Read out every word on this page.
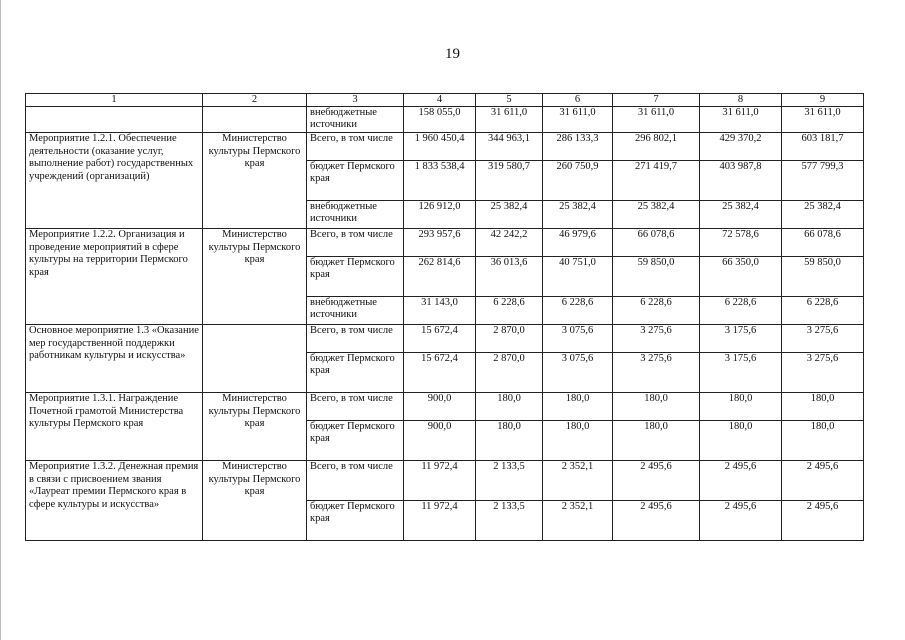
19
1	2	3	4	5	6	7	8	9
		внебюджетные источники	158 055,0	31 611,0	31 611,0	31 611,0	31 611,0	31 611,0
Мероприятие 1.2.1. Обеспечение деятельности (оказание услуг, выполнение работ) государственных учреждений (организаций)	Министерство культуры Пермского края	Всего, в том числе	1 960 450,4	344 963,1	286 133,3	296 802,1	429 370,2	603 181,7
		бюджет Пермского края	1 833 538,4	319 580,7	260 750,9	271 419,7	403 987,8	577 799,3
		внебюджетные источники	126 912,0	25 382,4	25 382,4	25 382,4	25 382,4	25 382,4
Мероприятие 1.2.2. Организация и проведение мероприятий в сфере культуры на территории Пермского края	Министерство культуры Пермского края	Всего, в том числе	293 957,6	42 242,2	46 979,6	66 078,6	72 578,6	66 078,6
		бюджет Пермского края	262 814,6	36 013,6	40 751,0	59 850,0	66 350,0	59 850,0
		внебюджетные источники	31 143,0	6 228,6	6 228,6	6 228,6	6 228,6	6 228,6
Основное мероприятие 1.3 «Оказание мер государственной поддержки работникам культуры и искусства»		Всего, в том числе	15 672,4	2 870,0	3 075,6	3 275,6	3 175,6	3 275,6
		бюджет Пермского края	15 672,4	2 870,0	3 075,6	3 275,6	3 175,6	3 275,6
Мероприятие 1.3.1. Награждение Почетной грамотой Министерства культуры Пермского края	Министерство культуры Пермского края	Всего, в том числе	900,0	180,0	180,0	180,0	180,0	180,0
		бюджет Пермского края	900,0	180,0	180,0	180,0	180,0	180,0
Мероприятие 1.3.2. Денежная премия в связи с присвоением звания «Лауреат премии Пермского края в сфере культуры и искусства»	Министерство культуры Пермского края	Всего, в том числе	11 972,4	2 133,5	2 352,1	2 495,6	2 495,6	2 495,6
		бюджет Пермского края	11 972,4	2 133,5	2 352,1	2 495,6	2 495,6	2 495,6
